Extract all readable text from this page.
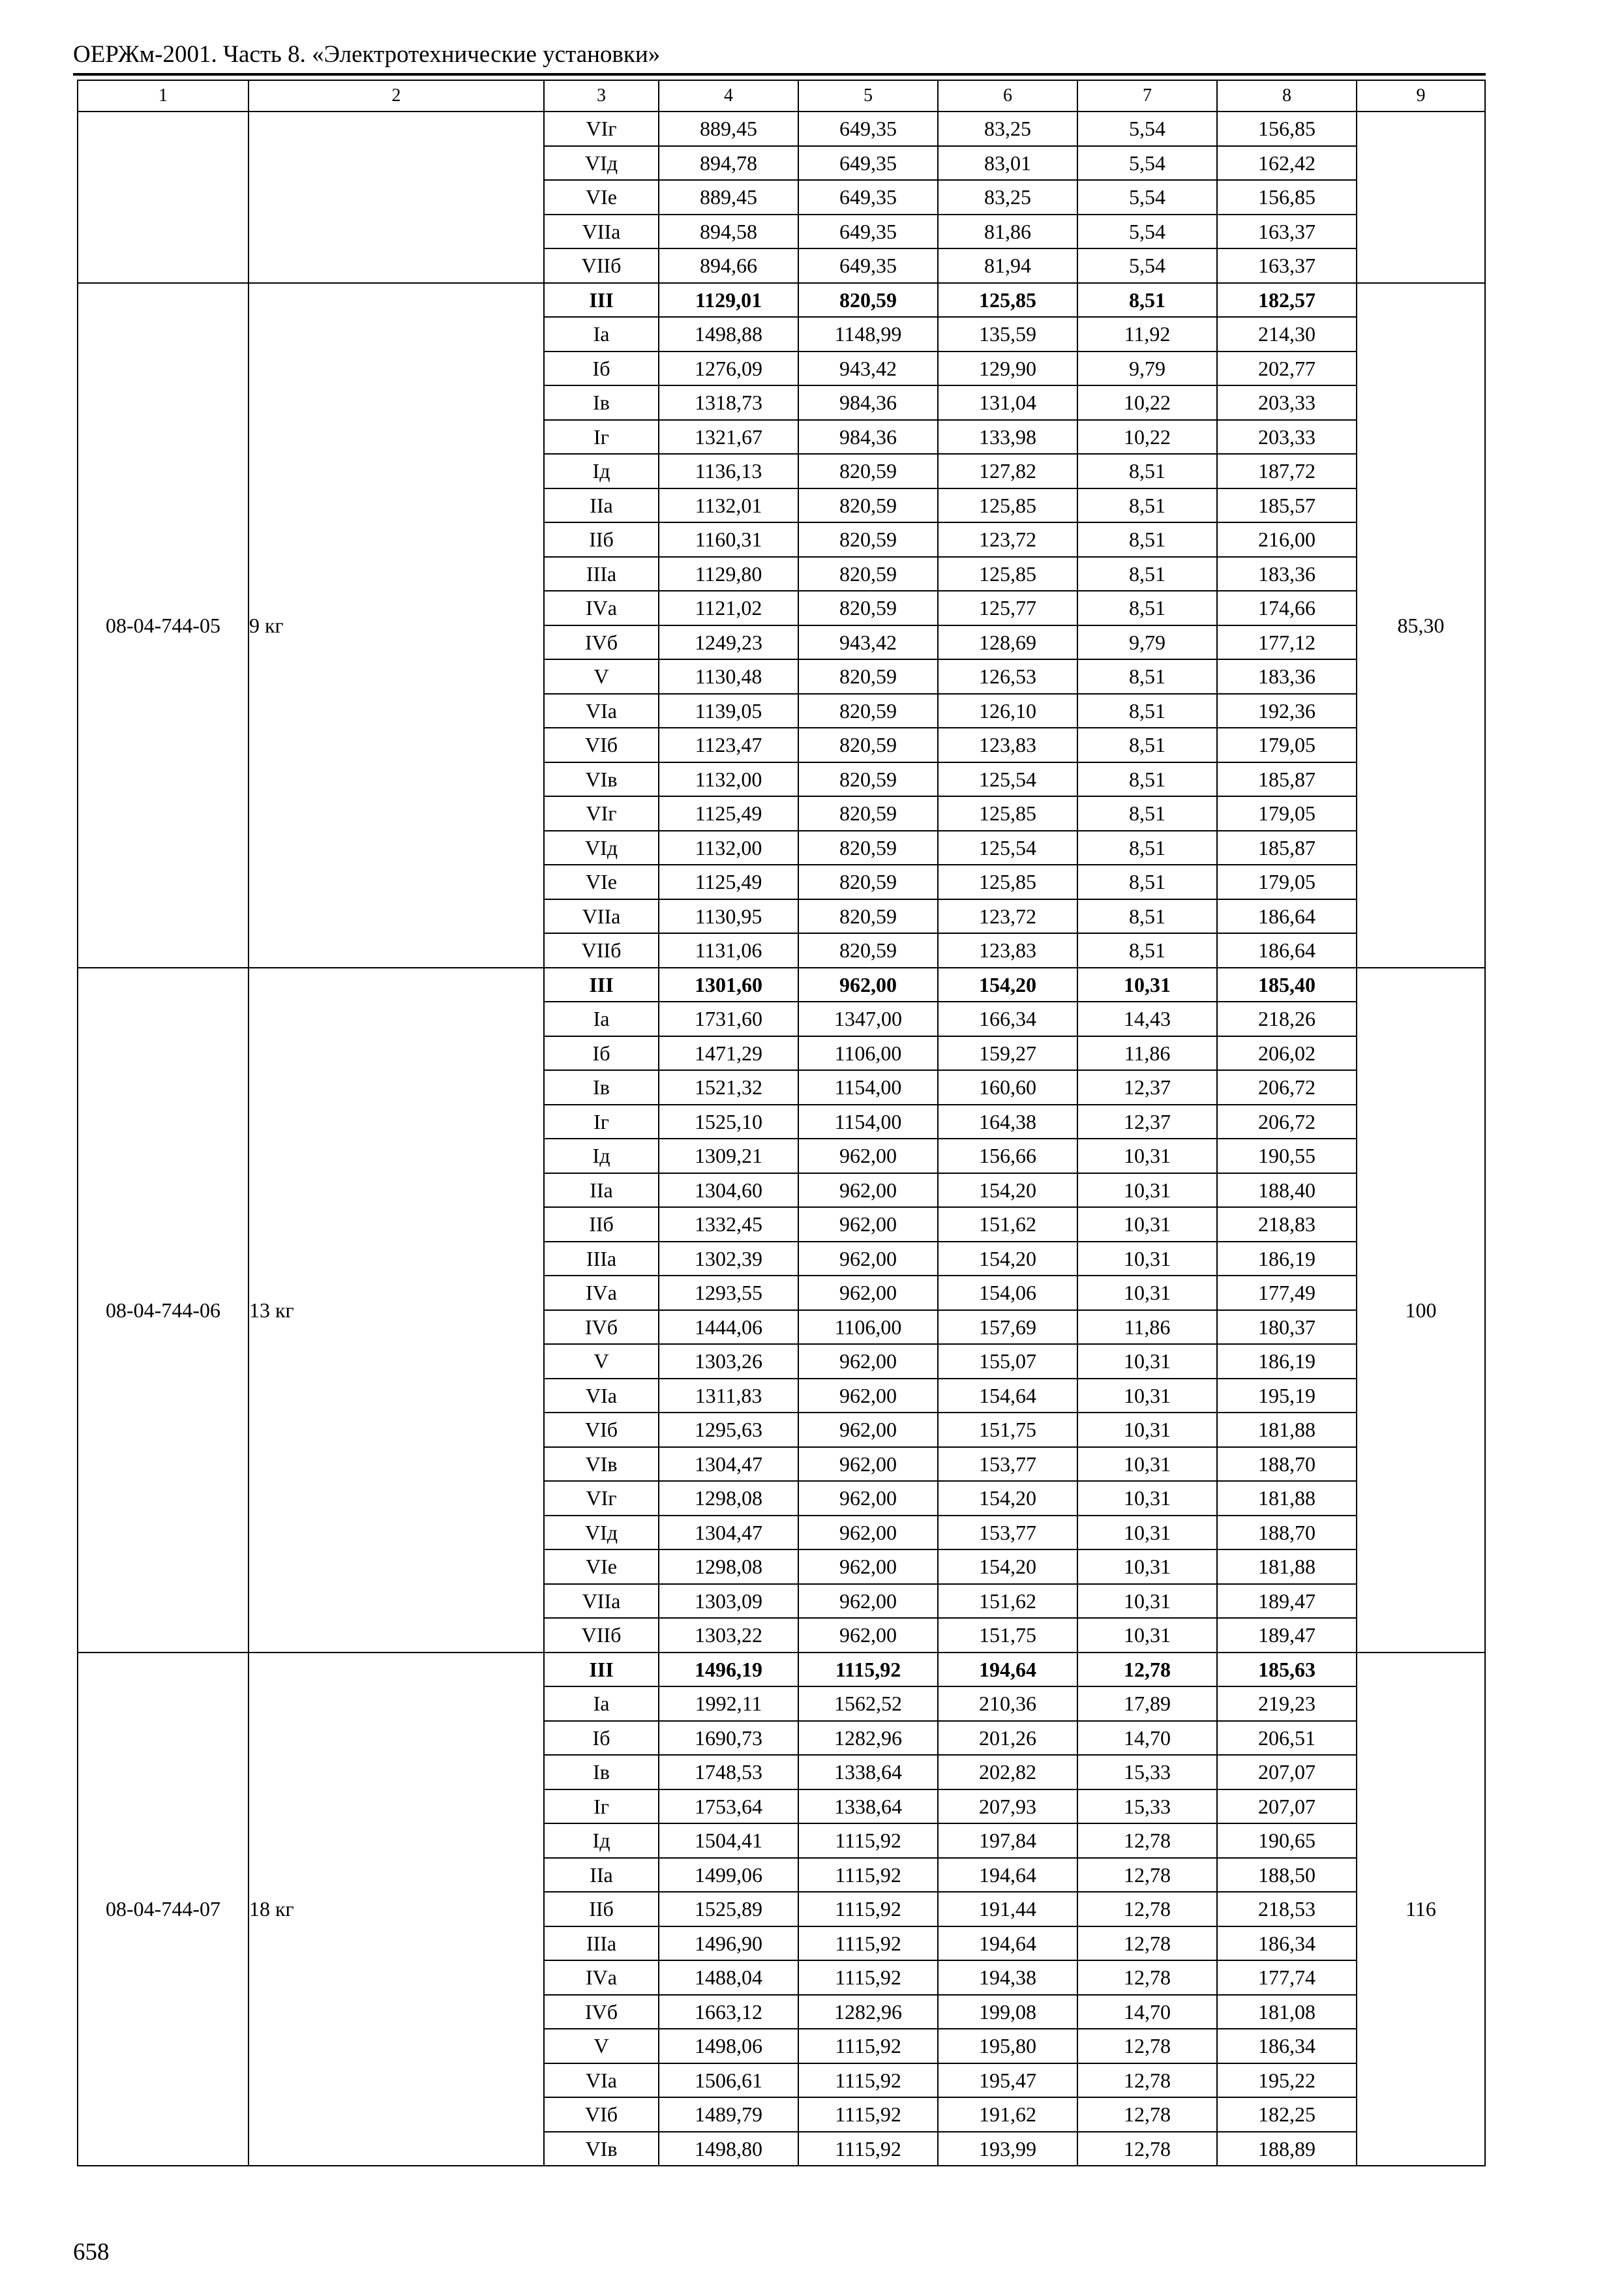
ОЕРЖм-2001. Часть 8. «Электротехнические установки»
1	2	3	4	5	6	7	8	9
		VIг	889,45	649,35	83,25	5,54	156,85	
		VIд	894,78	649,35	83,01	5,54	162,42	
		VIе	889,45	649,35	83,25	5,54	156,85	
		VIIа	894,58	649,35	81,86	5,54	163,37	
		VIIб	894,66	649,35	81,94	5,54	163,37	
08-04-744-05	9 кг	III	1129,01	820,59	125,85	8,51	182,57	85,30
		Iа	1498,88	1148,99	135,59	11,92	214,30	
		Iб	1276,09	943,42	129,90	9,79	202,77	
		Iв	1318,73	984,36	131,04	10,22	203,33	
		Iг	1321,67	984,36	133,98	10,22	203,33	
		Iд	1136,13	820,59	127,82	8,51	187,72	
		IIа	1132,01	820,59	125,85	8,51	185,57	
		IIб	1160,31	820,59	123,72	8,51	216,00	
		IIIа	1129,80	820,59	125,85	8,51	183,36	
		IVа	1121,02	820,59	125,77	8,51	174,66	
		IVб	1249,23	943,42	128,69	9,79	177,12	
		V	1130,48	820,59	126,53	8,51	183,36	
		VIа	1139,05	820,59	126,10	8,51	192,36	
		VIб	1123,47	820,59	123,83	8,51	179,05	
		VIв	1132,00	820,59	125,54	8,51	185,87	
		VIг	1125,49	820,59	125,85	8,51	179,05	
		VIд	1132,00	820,59	125,54	8,51	185,87	
		VIе	1125,49	820,59	125,85	8,51	179,05	
		VIIа	1130,95	820,59	123,72	8,51	186,64	
		VIIб	1131,06	820,59	123,83	8,51	186,64	
08-04-744-06	13 кг	III	1301,60	962,00	154,20	10,31	185,40	100
		Iа	1731,60	1347,00	166,34	14,43	218,26	
		Iб	1471,29	1106,00	159,27	11,86	206,02	
		Iв	1521,32	1154,00	160,60	12,37	206,72	
		Iг	1525,10	1154,00	164,38	12,37	206,72	
		Iд	1309,21	962,00	156,66	10,31	190,55	
		IIа	1304,60	962,00	154,20	10,31	188,40	
		IIб	1332,45	962,00	151,62	10,31	218,83	
		IIIа	1302,39	962,00	154,20	10,31	186,19	
		IVа	1293,55	962,00	154,06	10,31	177,49	
		IVб	1444,06	1106,00	157,69	11,86	180,37	
		V	1303,26	962,00	155,07	10,31	186,19	
		VIа	1311,83	962,00	154,64	10,31	195,19	
		VIб	1295,63	962,00	151,75	10,31	181,88	
		VIв	1304,47	962,00	153,77	10,31	188,70	
		VIг	1298,08	962,00	154,20	10,31	181,88	
		VIд	1304,47	962,00	153,77	10,31	188,70	
		VIе	1298,08	962,00	154,20	10,31	181,88	
		VIIа	1303,09	962,00	151,62	10,31	189,47	
		VIIб	1303,22	962,00	151,75	10,31	189,47	
08-04-744-07	18 кг	III	1496,19	1115,92	194,64	12,78	185,63	116
		Iа	1992,11	1562,52	210,36	17,89	219,23	
		Iб	1690,73	1282,96	201,26	14,70	206,51	
		Iв	1748,53	1338,64	202,82	15,33	207,07	
		Iг	1753,64	1338,64	207,93	15,33	207,07	
		Iд	1504,41	1115,92	197,84	12,78	190,65	
		IIа	1499,06	1115,92	194,64	12,78	188,50	
		IIб	1525,89	1115,92	191,44	12,78	218,53	
		IIIа	1496,90	1115,92	194,64	12,78	186,34	
		IVа	1488,04	1115,92	194,38	12,78	177,74	
		IVб	1663,12	1282,96	199,08	14,70	181,08	
		V	1498,06	1115,92	195,80	12,78	186,34	
		VIа	1506,61	1115,92	195,47	12,78	195,22	
		VIб	1489,79	1115,92	191,62	12,78	182,25	
		VIв	1498,80	1115,92	193,99	12,78	188,89	
658
